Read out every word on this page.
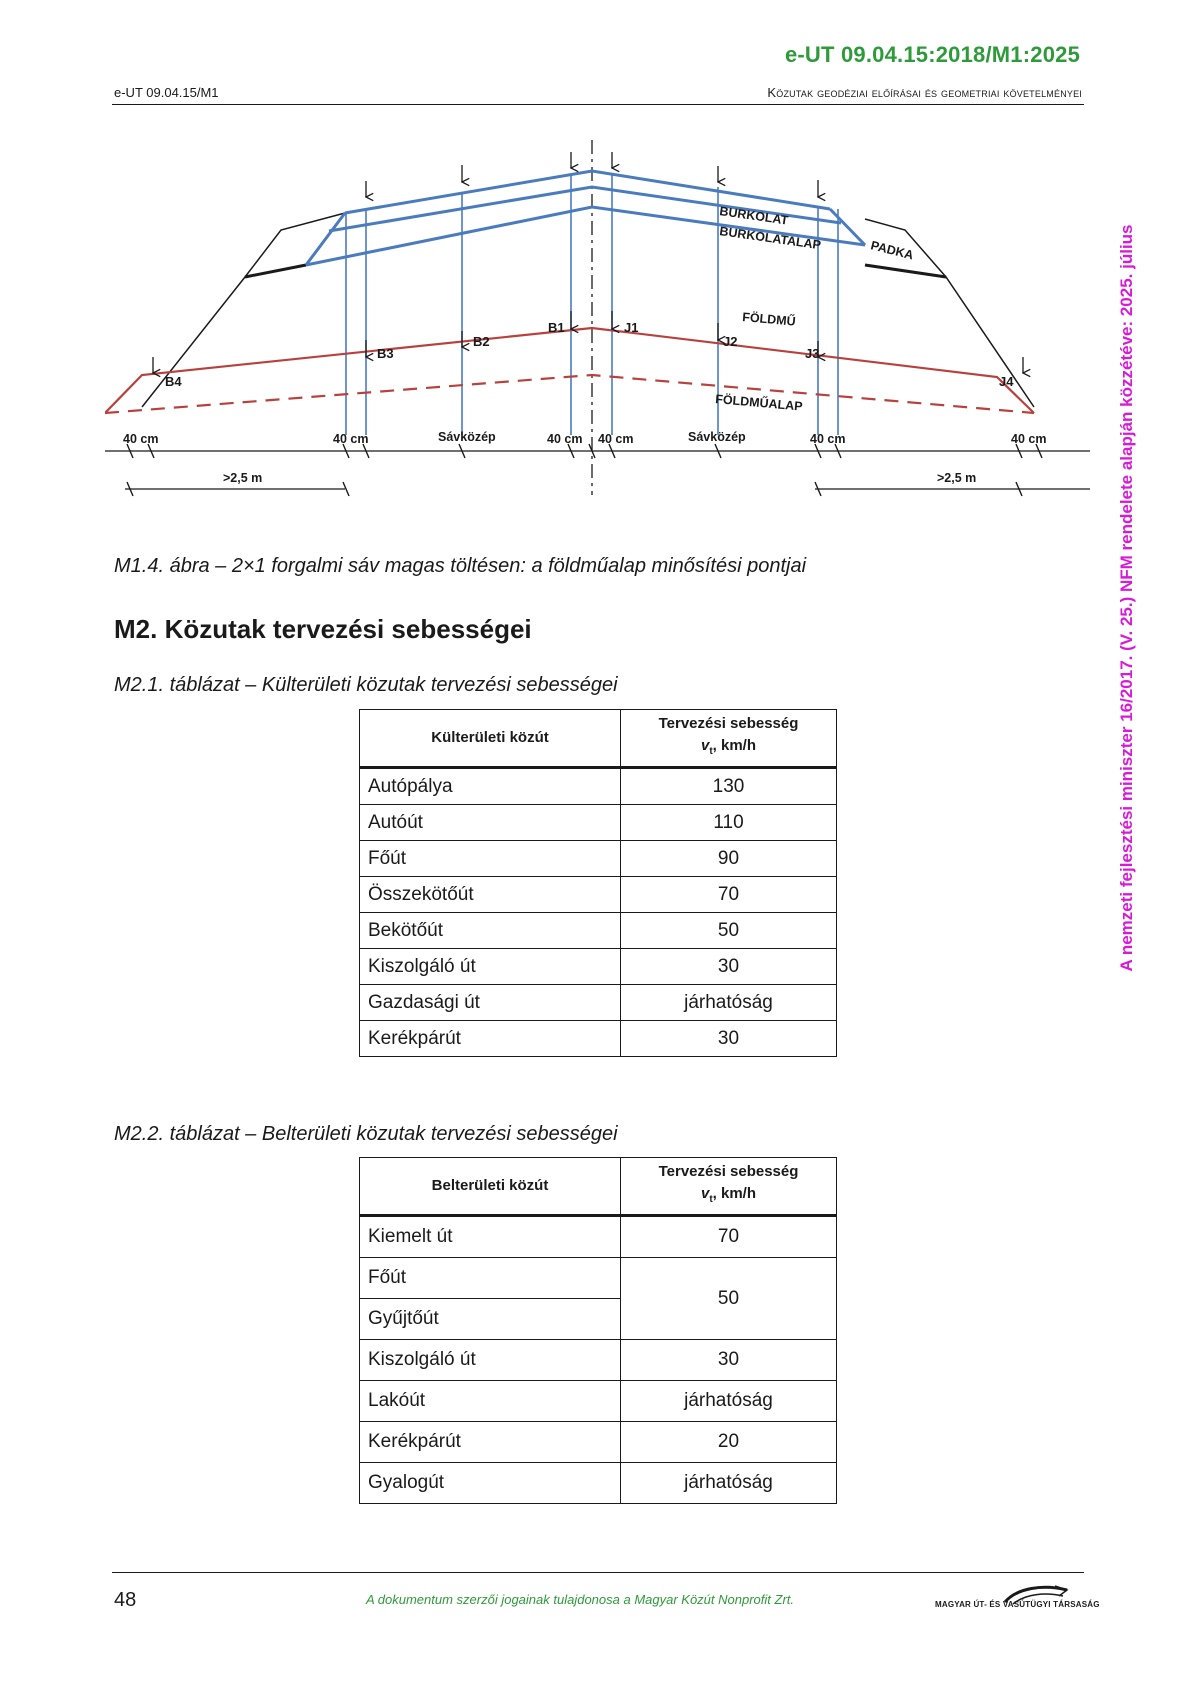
e-UT 09.04.15:2018/M1:2025
e-UT 09.04.15/M1	Közutak geodéziai előírásai és geometriai követelményei
A nemzeti fejlesztési miniszter 16/2017. (V. 25.) NFM rendelete alapján közzétéve: 2025. július
BURKOLAT
BURKOLATALAP	PADKA
FÖLDMŰ
FÖLDMŰALAP
B4
B3
B2
B1	J1
J2
J3
J4
40 cm	40 cm	Sávközép	40 cm 40 cm	Sávközép	40 cm	40 cm
>2,5 m	>2,5 m
M1.4. ábra – 2×1 forgalmi sáv magas töltésen: a földműalap minősítési pontjai
M2. Közutak tervezési sebességei
M2.1. táblázat – Külterületi közutak tervezési sebességei
Külterületi közút	Tervezési sebesség
$v_t$, km/h
Autópálya	130
Autóút	110
Főút	90
Összekötőút	70
Bekötőút	50
Kiszolgáló út	30
Gazdasági út	járhatóság
Kerékpárút	30
M2.2. táblázat – Belterületi közutak tervezési sebességei
Belterületi közút	Tervezési sebesség
$v_t$, km/h
Kiemelt út	70
Főút	50
Gyűjtőút	
Kiszolgáló út	30
Lakóút	járhatóság
Kerékpárút	20
Gyalogút	járhatóság
48	A dokumentum szerzői jogainak tulajdonosa a Magyar Közút Nonprofit Zrt.	MAGYAR ÚT- ÉS VASÚTÜGYI TÁRSASÁG
